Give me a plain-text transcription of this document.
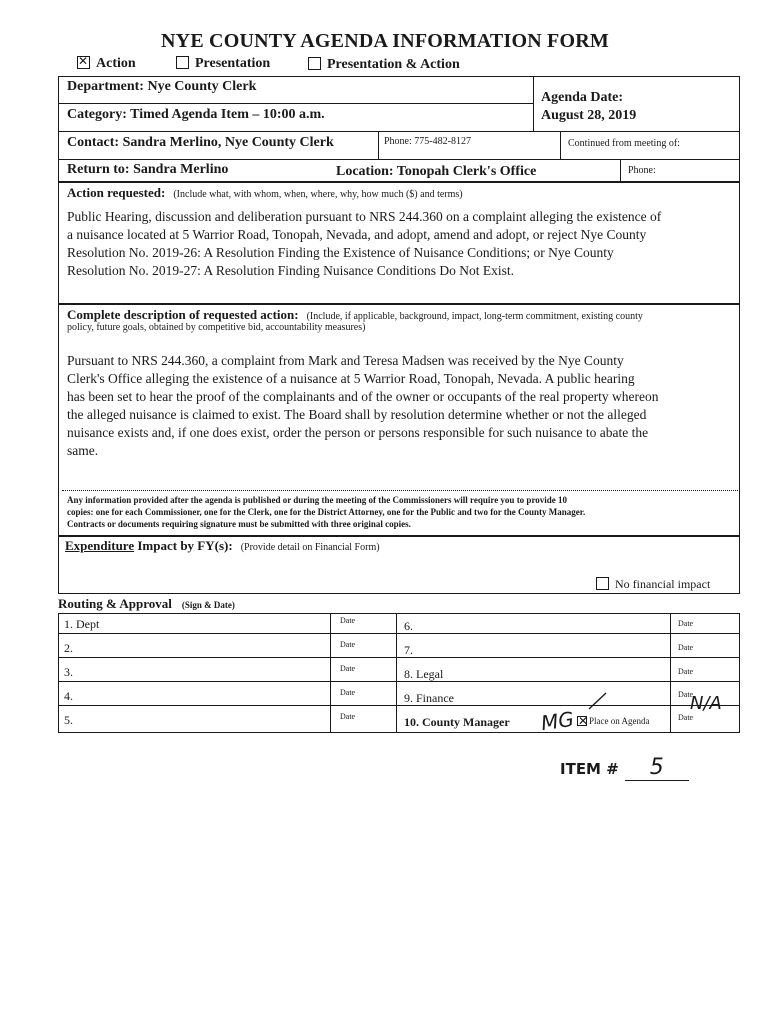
NYE COUNTY AGENDA INFORMATION FORM
✕Action	Presentation	Presentation & Action
Department: Nye County Clerk
Agenda Date:
August 28, 2019
Category: Timed Agenda Item – 10:00 a.m.
Contact: Sandra Merlino, Nye County Clerk	Phone: 775-482-8127	Continued from meeting of:
Return to: Sandra Merlino	Location: Tonopah Clerk's Office	Phone:
Action requested: (Include what, with whom, when, where, why, how much ($) and terms)
Public Hearing, discussion and deliberation pursuant to NRS 244.360 on a complaint alleging the existence of
a nuisance located at 5 Warrior Road, Tonopah, Nevada, and adopt, amend and adopt, or reject Nye County
Resolution No. 2019-26: A Resolution Finding the Existence of Nuisance Conditions; or Nye County
Resolution No. 2019-27: A Resolution Finding Nuisance Conditions Do Not Exist.
Complete description of requested action: (Include, if applicable, background, impact, long-term commitment, existing county
policy, future goals, obtained by competitive bid, accountability measures)
Pursuant to NRS 244.360, a complaint from Mark and Teresa Madsen was received by the Nye County
Clerk's Office alleging the existence of a nuisance at 5 Warrior Road, Tonopah, Nevada. A public hearing
has been set to hear the proof of the complainants and of the owner or occupants of the real property whereon
the alleged nuisance is claimed to exist. The Board shall by resolution determine whether or not the alleged
nuisance exists and, if one does exist, order the person or persons responsible for such nuisance to abate the
same.
Any information provided after the agenda is published or during the meeting of the Commissioners will require you to provide 10
copies: one for each Commissioner, one for the Clerk, one for the District Attorney, one for the Public and two for the County Manager.
Contracts or documents requiring signature must be submitted with three original copies.
Expenditure Impact by FY(s): (Provide detail on Financial Form)
No financial impact
Routing & Approval (Sign & Date)
1. Dept
2.
3.
4.
5.
Date
Date
Date
Date
Date
6.
7.
8. Legal
9. Finance
10. County Manager
Date
Date
Date
Date
Date
MG
✕	Place on Agenda
N/A
ITEM # 5
